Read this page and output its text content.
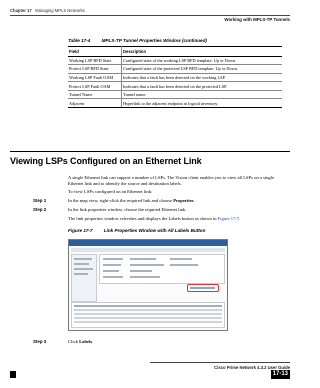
Chapter 17 Managing MPLS Networks
Working with MPLS-TP Tunnels
Table 17-4 MPLS-TP Tunnel Properties Window (continued)
Field	Description
Working LSP BFD State	Configured state of the working LSP BFD template: Up or Down.
Protect LSP BFD State	Configured state of the protected LSP BFD template: Up or Down.
Working LSP Fault OAM	Indicates that a fault has been detected on the working LSP.
Protect LSP Fault OAM	Indicates that a fault has been detected on the protected LSP.
Tunnel Name	Tunnel name.
Adjacent	Hyperlink to the adjacent endpoint in logical inventory.
Viewing LSPs Configured on an Ethernet Link
A single Ethernet link can support a number of LSPs. The Vision client enables you to view all LSPs on a single Ethernet link and to identify the source and destination labels.
To view LSPs configured on an Ethernet link:
Step 1	In the map view, right-click the required link and choose Properties.
Step 2	In the link properties window, choose the required Ethernet link.
The link properties window refreshes and displays the Labels button as shown in Figure 17-7.
Figure 17-7 Link Properties Window with All Labels Button
Step 3	Click Labels.
Cisco Prime Network 4.3.2 User Guide
17-13
